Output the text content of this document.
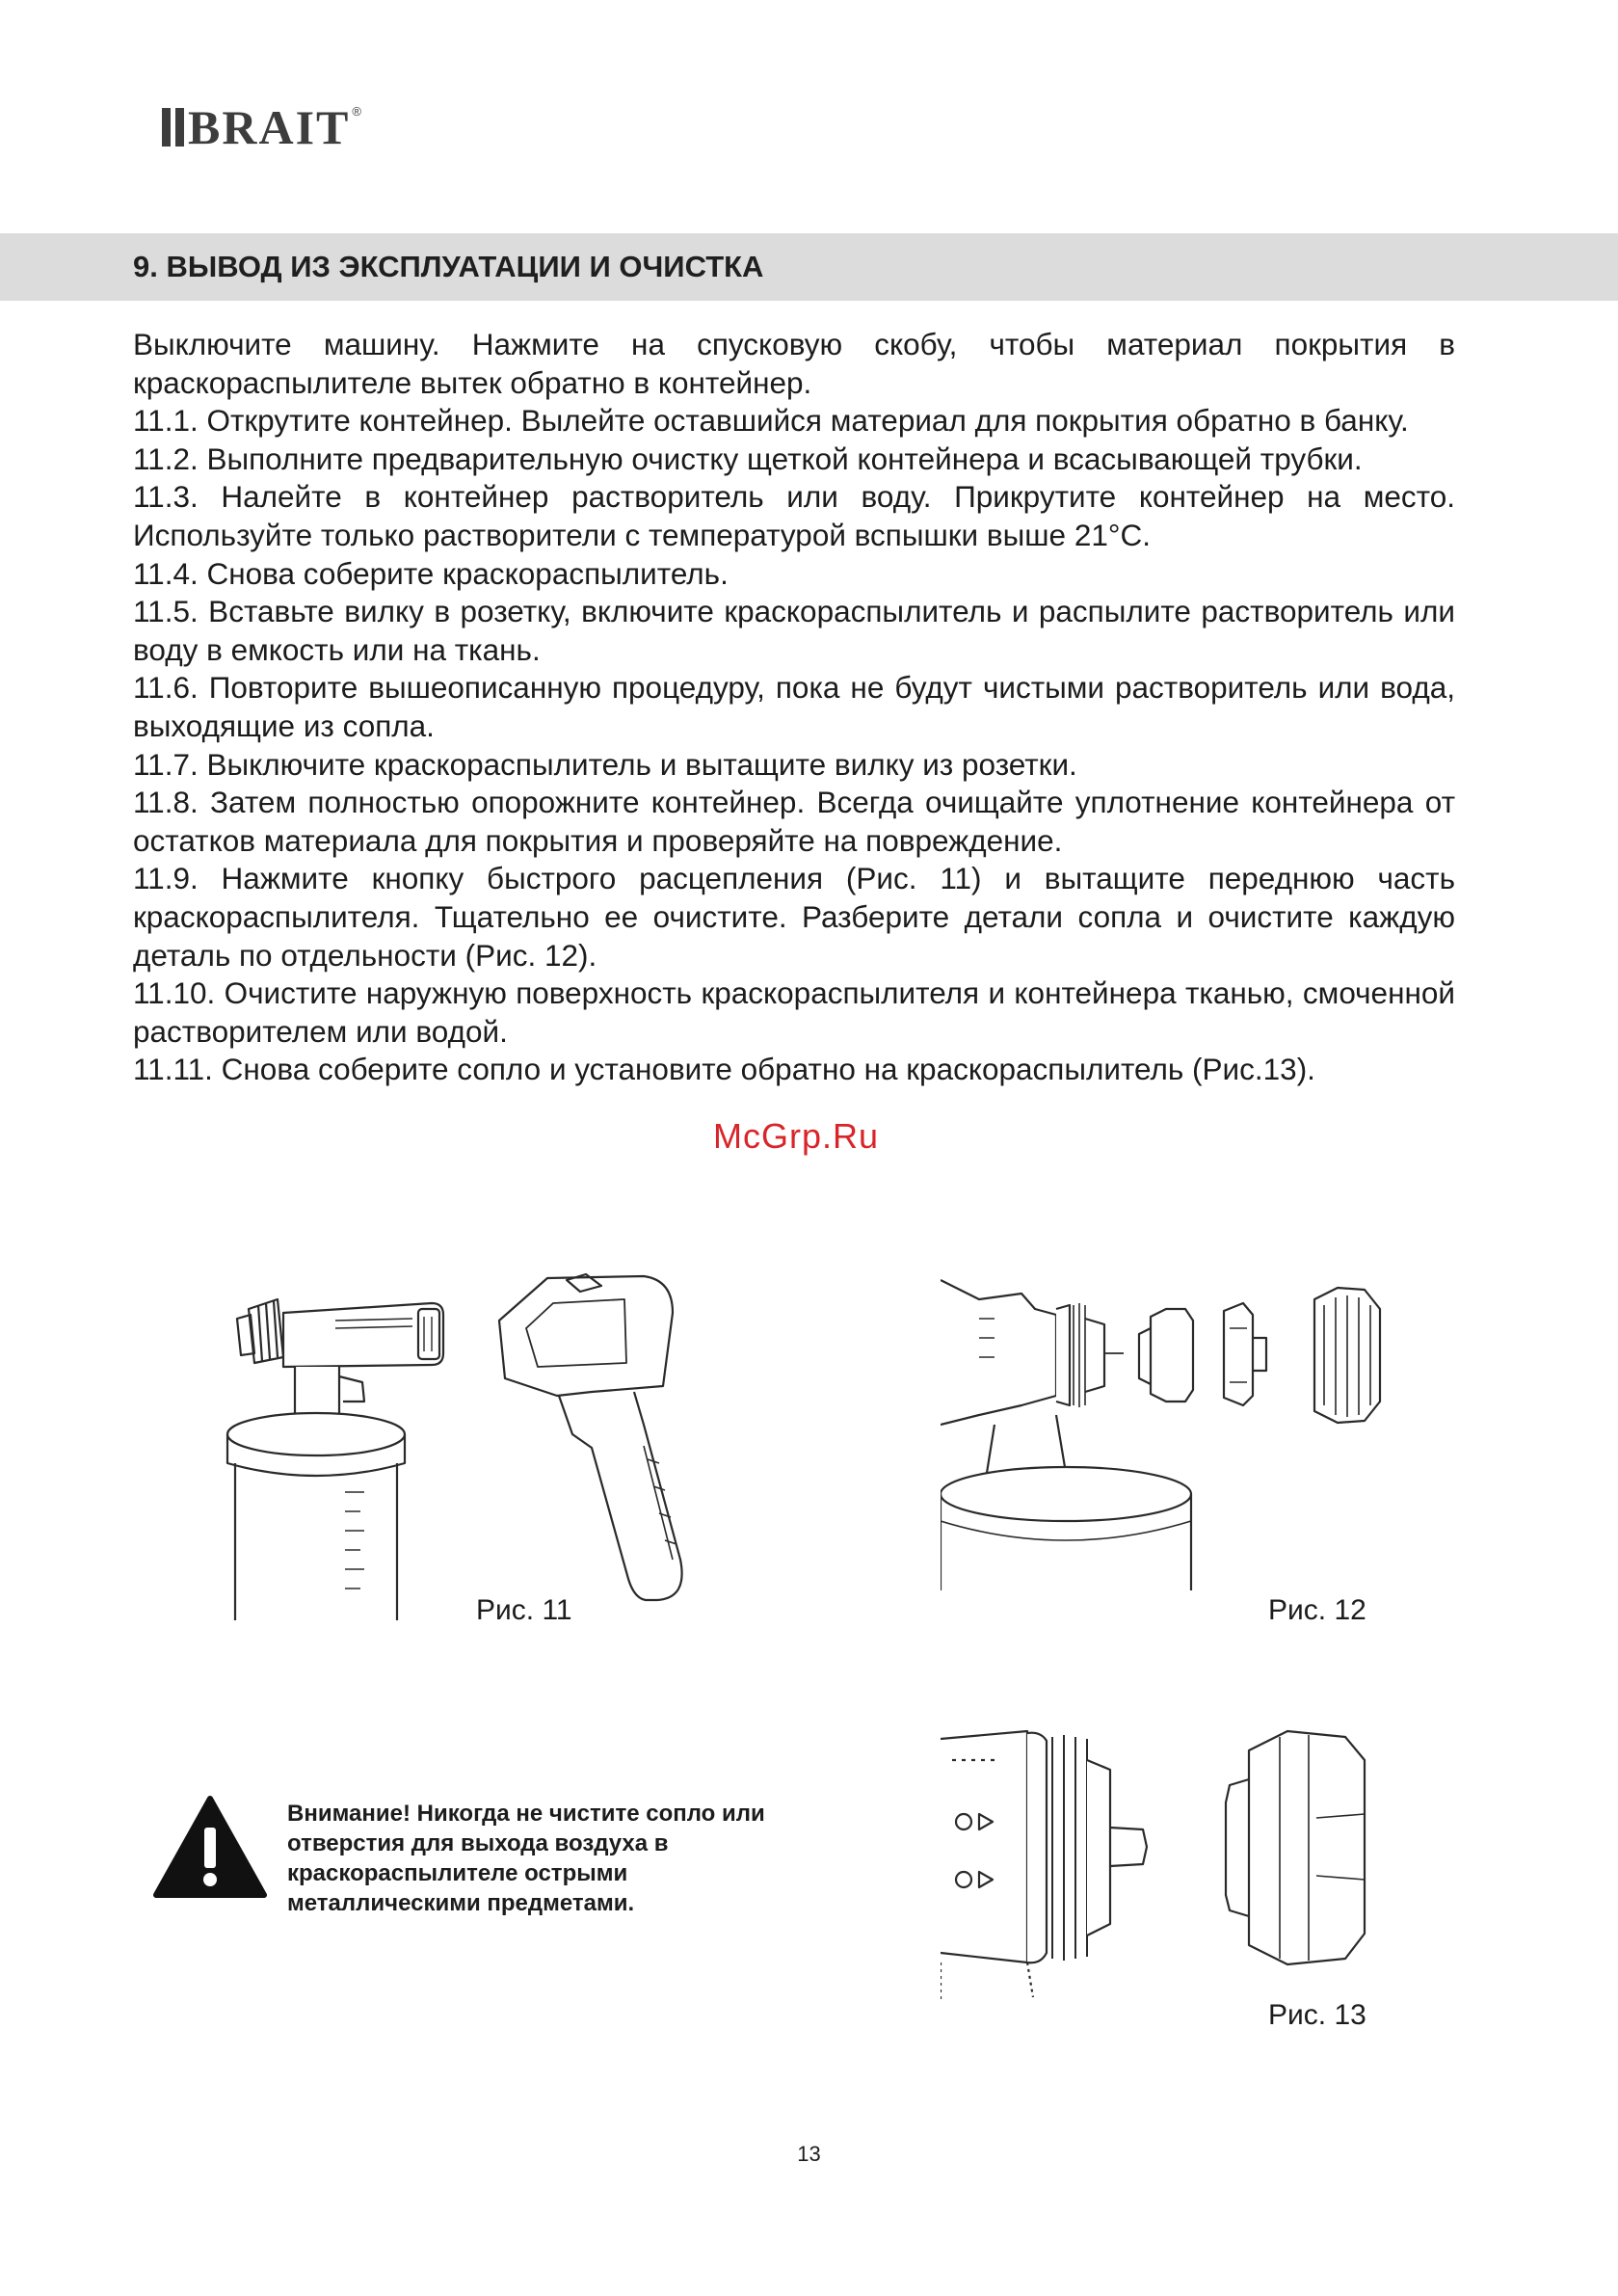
BRAIT ®
9. ВЫВОД ИЗ ЭКСПЛУАТАЦИИ И ОЧИСТКА

Выключите машину. Нажмите на спусковую скобу, чтобы материал покрытия в краскораспылителе вытек обратно в контейнер.

11.1. Открутите контейнер. Вылейте оставшийся материал для покрытия обратно в банку.

11.2. Выполните предварительную очистку щеткой контейнера и всасывающей трубки.

11.3. Налейте в контейнер растворитель или воду. Прикрутите контейнер на место. Используйте только растворители с температурой вспышки выше 21°С.

11.4. Снова соберите краскораспылитель.

11.5. Вставьте вилку в розетку, включите краскораспылитель и распылите растворитель или воду в емкость или на ткань.

11.6. Повторите вышеописанную процедуру, пока не будут чистыми растворитель или вода, выходящие из сопла.

11.7. Выключите краскораспылитель и вытащите вилку из розетки.

11.8. Затем полностью опорожните контейнер. Всегда очищайте уплотнение контейнера от остатков материала для покрытия и проверяйте на повреждение.

11.9. Нажмите кнопку быстрого расцепления (Рис. 11) и вытащите переднюю часть краскораспылителя. Тщательно ее очистите. Разберите детали сопла и очистите каждую деталь по отдельности (Рис. 12).

11.10. Очистите наружную поверхность краскораспылителя и контейнера тканью, смоченной растворителем или водой.

11.11. Снова соберите сопло и установите обратно на краскораспылитель (Рис.13).

McGrp.Ru
Рис. 11	Рис. 12
Внимание! Никогда не чистите сопло или отверстия для выхода воздуха в краскораспылителе острыми металлическими предметами.
Рис. 13
13
